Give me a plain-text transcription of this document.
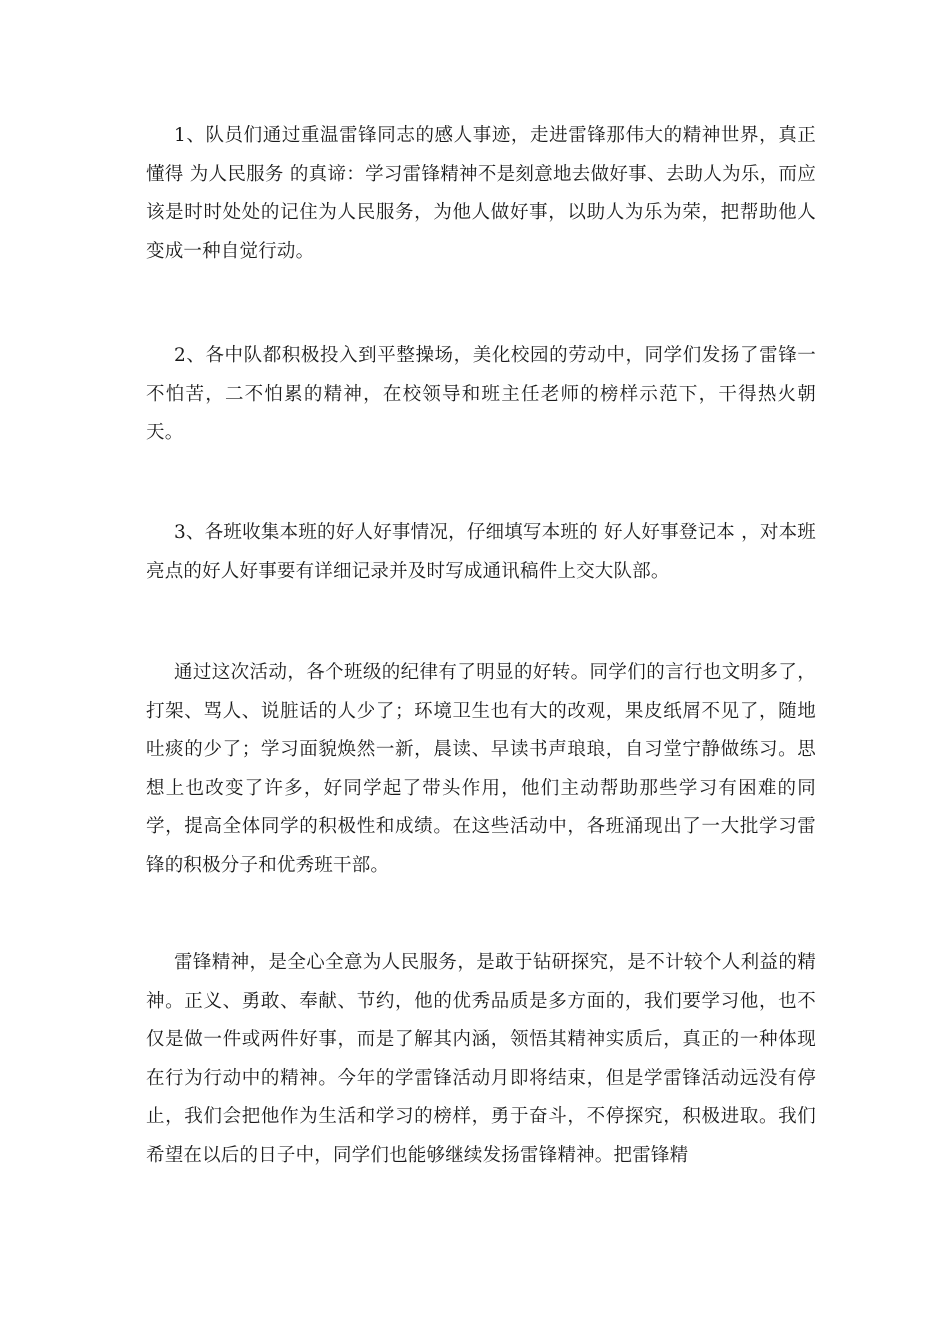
1、队员们通过重温雷锋同志的感人事迹，走进雷锋那伟大的精神世界，真正懂得 为人民服务 的真谛：学习雷锋精神不是刻意地去做好事、去助人为乐，而应该是时时处处的记住为人民服务，为他人做好事，以助人为乐为荣，把帮助他人变成一种自觉行动。

2、各中队都积极投入到平整操场，美化校园的劳动中，同学们发扬了雷锋一不怕苦，二不怕累的精神，在校领导和班主任老师的榜样示范下，干得热火朝天。

3、各班收集本班的好人好事情况，仔细填写本班的 好人好事登记本 ，对本班亮点的好人好事要有详细记录并及时写成通讯稿件上交大队部。

通过这次活动，各个班级的纪律有了明显的好转。同学们的言行也文明多了，打架、骂人、说脏话的人少了；环境卫生也有大的改观，果皮纸屑不见了，随地吐痰的少了；学习面貌焕然一新，晨读、早读书声琅琅，自习堂宁静做练习。思想上也改变了许多，好同学起了带头作用，他们主动帮助那些学习有困难的同学，提高全体同学的积极性和成绩。在这些活动中，各班涌现出了一大批学习雷锋的积极分子和优秀班干部。

雷锋精神，是全心全意为人民服务，是敢于钻研探究，是不计较个人利益的精神。正义、勇敢、奉献、节约，他的优秀品质是多方面的，我们要学习他，也不仅是做一件或两件好事，而是了解其内涵，领悟其精神实质后，真正的一种体现在行为行动中的精神。今年的学雷锋活动月即将结束，但是学雷锋活动远没有停止，我们会把他作为生活和学习的榜样，勇于奋斗，不停探究，积极进取。我们希望在以后的日子中，同学们也能够继续发扬雷锋精神。把雷锋精
